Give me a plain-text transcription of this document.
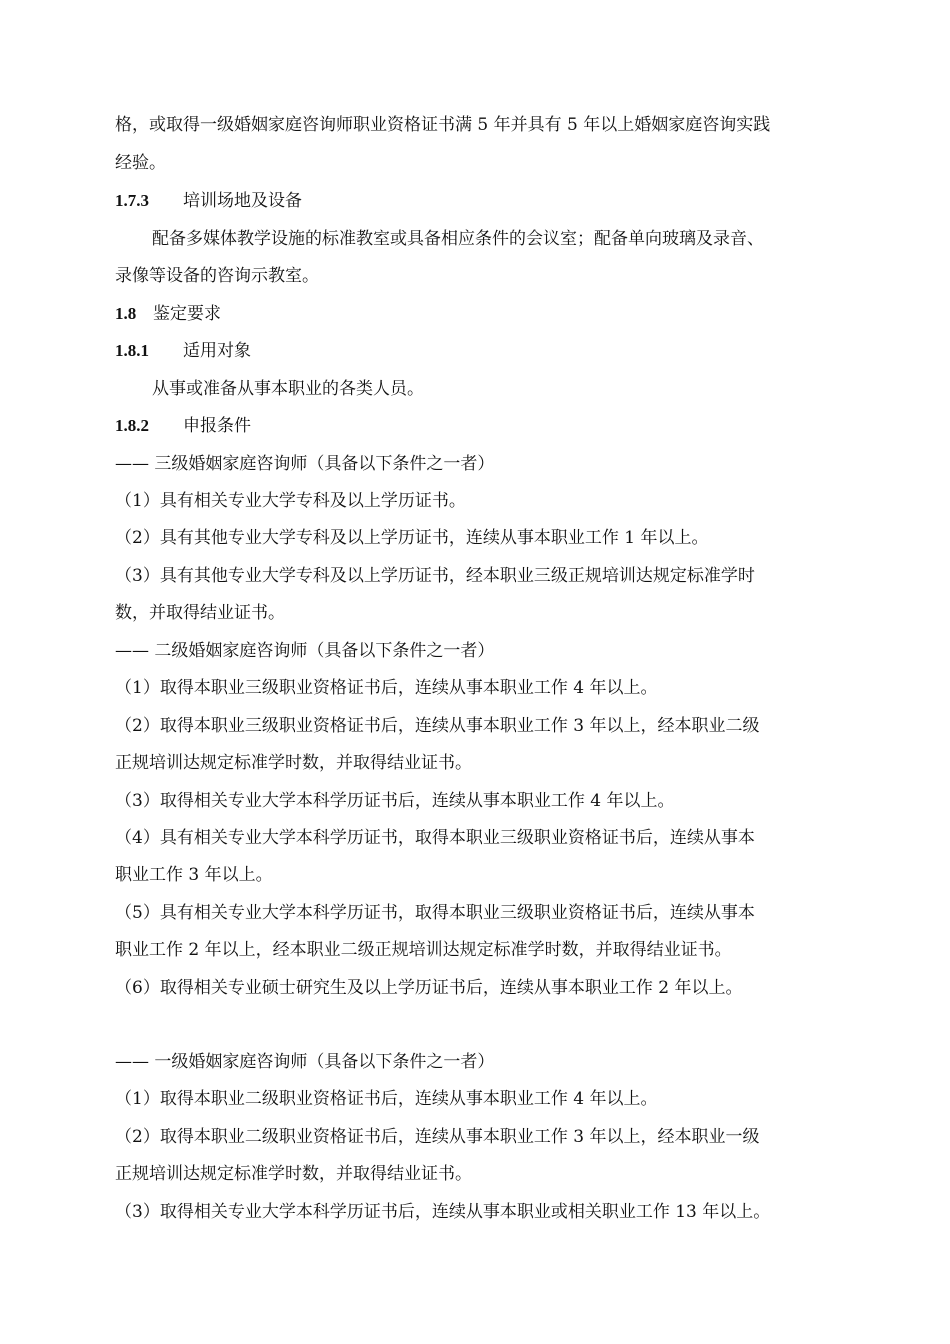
格，或取得一级婚姻家庭咨询师职业资格证书满 5 年并具有 5 年以上婚姻家庭咨询实践
经验。
1.7.3 培训场地及设备
配备多媒体教学设施的标准教室或具备相应条件的会议室；配备单向玻璃及录音、
录像等设备的咨询示教室。
1.8 鉴定要求
1.8.1 适用对象
从事或准备从事本职业的各类人员。
1.8.2 申报条件
—— 三级婚姻家庭咨询师（具备以下条件之一者）
（1）具有相关专业大学专科及以上学历证书。
（2）具有其他专业大学专科及以上学历证书，连续从事本职业工作 1 年以上。
（3）具有其他专业大学专科及以上学历证书，经本职业三级正规培训达规定标准学时
数，并取得结业证书。
—— 二级婚姻家庭咨询师（具备以下条件之一者）
（1）取得本职业三级职业资格证书后，连续从事本职业工作 4 年以上。
（2）取得本职业三级职业资格证书后，连续从事本职业工作 3 年以上，经本职业二级
正规培训达规定标准学时数，并取得结业证书。
（3）取得相关专业大学本科学历证书后，连续从事本职业工作 4 年以上。
（4）具有相关专业大学本科学历证书，取得本职业三级职业资格证书后，连续从事本
职业工作 3 年以上。
（5）具有相关专业大学本科学历证书，取得本职业三级职业资格证书后，连续从事本
职业工作 2 年以上，经本职业二级正规培训达规定标准学时数，并取得结业证书。
（6）取得相关专业硕士研究生及以上学历证书后，连续从事本职业工作 2 年以上。
—— 一级婚姻家庭咨询师（具备以下条件之一者）
（1）取得本职业二级职业资格证书后，连续从事本职业工作 4 年以上。
（2）取得本职业二级职业资格证书后，连续从事本职业工作 3 年以上，经本职业一级
正规培训达规定标准学时数，并取得结业证书。
（3）取得相关专业大学本科学历证书后，连续从事本职业或相关职业工作 13 年以上。
